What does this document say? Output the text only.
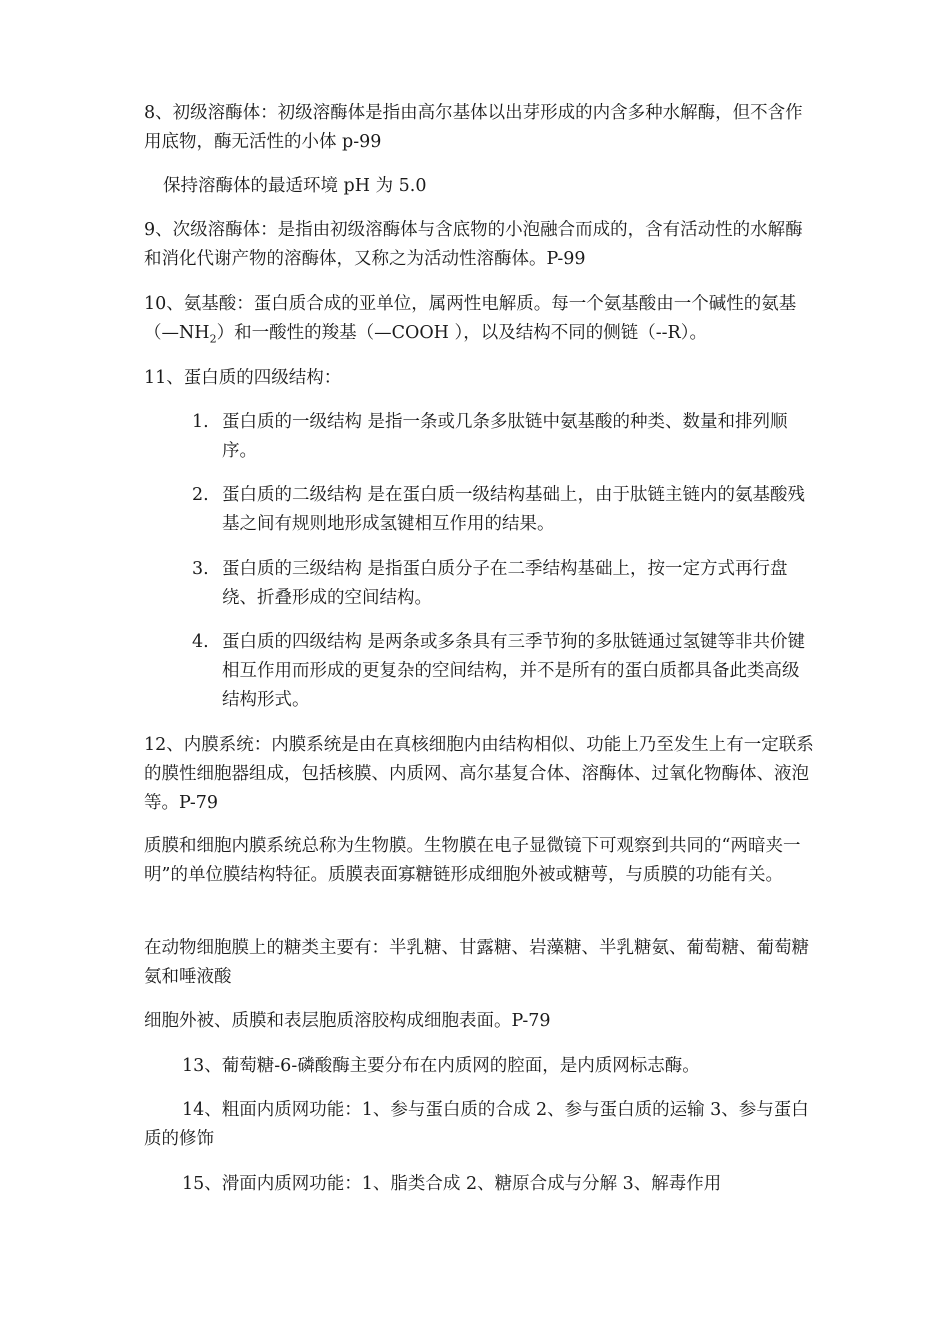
8、初级溶酶体：初级溶酶体是指由高尔基体以出芽形成的内含多种水解酶，但不含作用底物，酶无活性的小体 p-99

保持溶酶体的最适环境 pH 为 5.0

9、次级溶酶体：是指由初级溶酶体与含底物的小泡融合而成的，含有活动性的水解酶和消化代谢产物的溶酶体，又称之为活动性溶酶体。P-99

10、氨基酸：蛋白质合成的亚单位，属两性电解质。每一个氨基酸由一个碱性的氨基$(—NH_2)$和一酸性的羧基（—COOH ），以及结构不同的侧链（--R）。

11、蛋白质的四级结构：

1. 蛋白质的一级结构 是指一条或几条多肽链中氨基酸的种类、数量和排列顺序。
2. 蛋白质的二级结构 是在蛋白质一级结构基础上，由于肽链主链内的氨基酸残基之间有规则地形成氢键相互作用的结果。
3. 蛋白质的三级结构 是指蛋白质分子在二季结构基础上，按一定方式再行盘绕、折叠形成的空间结构。
4. 蛋白质的四级结构 是两条或多条具有三季节狗的多肽链通过氢键等非共价键相互作用而形成的更复杂的空间结构，并不是所有的蛋白质都具备此类高级结构形式。

12、内膜系统：内膜系统是由在真核细胞内由结构相似、功能上乃至发生上有一定联系的膜性细胞器组成，包括核膜、内质网、高尔基复合体、溶酶体、过氧化物酶体、液泡等。P-79

质膜和细胞内膜系统总称为生物膜。生物膜在电子显微镜下可观察到共同的“两暗夹一明”的单位膜结构特征。质膜表面寡糖链形成细胞外被或糖萼，与质膜的功能有关。

在动物细胞膜上的糖类主要有：半乳糖、甘露糖、岩藻糖、半乳糖氨、葡萄糖、葡萄糖氨和唾液酸

细胞外被、质膜和表层胞质溶胶构成细胞表面。P-79

13、葡萄糖-6-磷酸酶主要分布在内质网的腔面，是内质网标志酶。

14、粗面内质网功能：1、参与蛋白质的合成 2、参与蛋白质的运输 3、参与蛋白质的修饰

15、滑面内质网功能：1、脂类合成 2、糖原合成与分解 3、解毒作用
